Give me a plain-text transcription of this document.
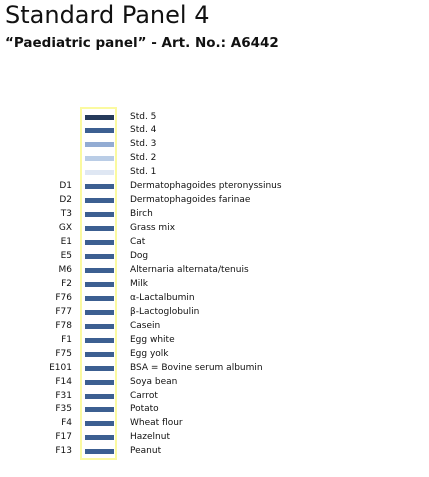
Standard Panel 4
“Paediatric panel” - Art. No.: A6442
Std. 5
Std. 4
Std. 3
Std. 2
Std. 1
D1	Dermatophagoides pteronyssinus
D2	Dermatophagoides farinae
T3	Birch
GX	Grass mix
E1	Cat
E5	Dog
M6	Alternaria alternata/tenuis
F2	Milk
F76	α-Lactalbumin
F77	β-Lactoglobulin
F78	Casein
F1	Egg white
F75	Egg yolk
E101	BSA = Bovine serum albumin
F14	Soya bean
F31	Carrot
F35	Potato
F4	Wheat flour
F17	Hazelnut
F13	Peanut
